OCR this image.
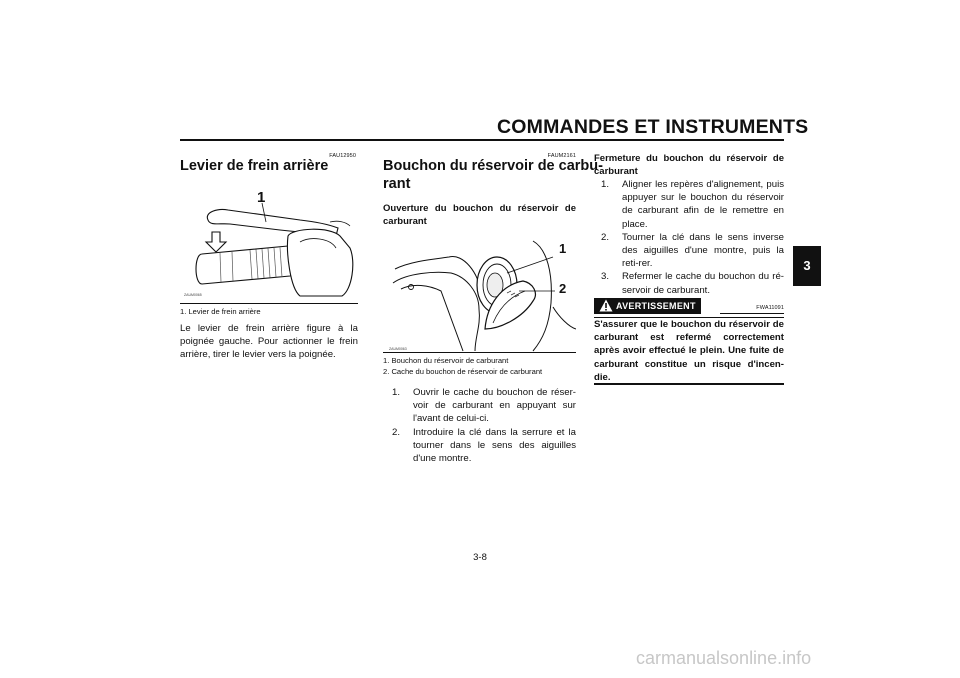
COMMANDES ET INSTRUMENTS
3
FAU12950
Levier de frein arrière
1
ZAUM0065
1. Levier de frein arrière
Le levier de frein arrière figure à la poignée gauche. Pour actionner le frein arrière, tirer le levier vers la poignée.
FAUM2161
Bouchon du réservoir de carbu-
rant
Ouverture du bouchon du réservoir de carburant
1
2
ZAUM0063
1. Bouchon du réservoir de carburant
2. Cache du bouchon de réservoir de carburant
1. Ouvrir le cache du bouchon de réser-voir de carburant en appuyant sur l'avant de celui-ci.
2. Introduire la clé dans la serrure et la tourner dans le sens des aiguilles d'une montre.
Fermeture du bouchon du réservoir de carburant
1. Aligner les repères d'alignement, puis appuyer sur le bouchon du réservoir de carburant afin de le remettre en place.
2. Tourner la clé dans le sens inverse des aiguilles d'une montre, puis la reti-rer.
3. Refermer le cache du bouchon du ré-servoir de carburant.
AVERTISSEMENT	FWA11091
S'assurer que le bouchon du réservoir de carburant est refermé correctement après avoir effectué le plein. Une fuite de carburant constitue un risque d'incen-die.
3-8
carmanualsonline.info
